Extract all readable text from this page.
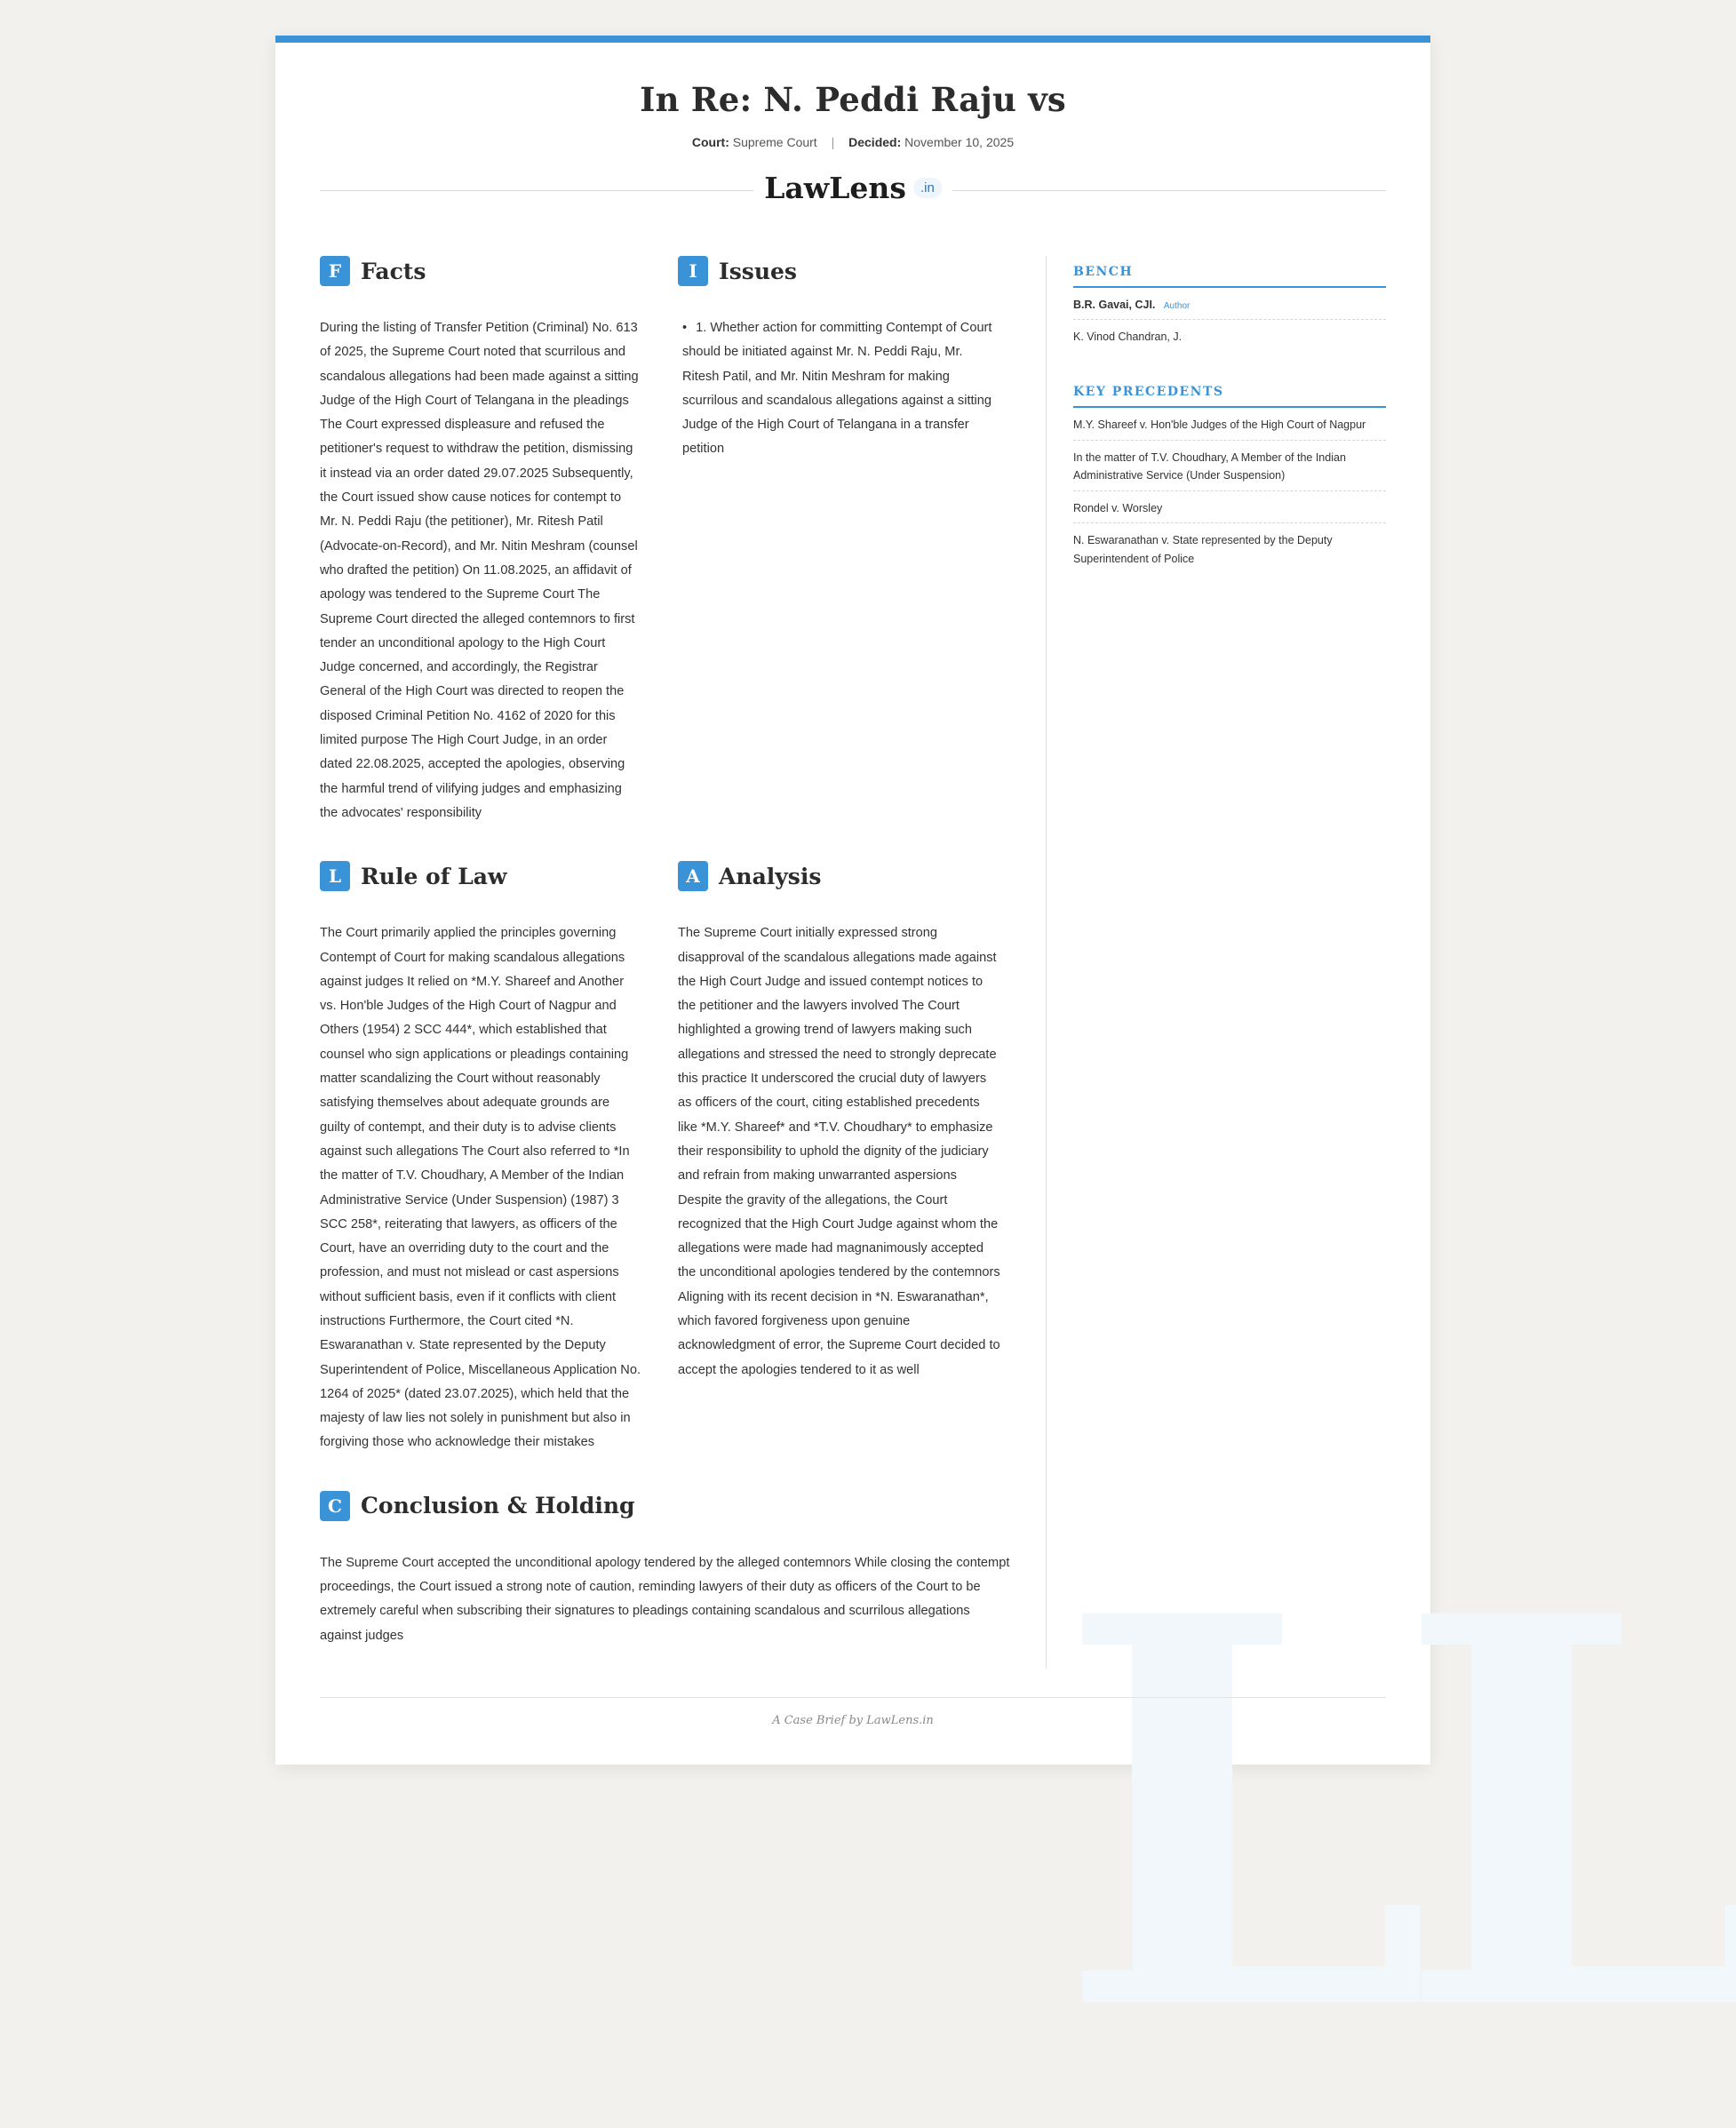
LL
In Re: N. Peddi Raju vs
Court: Supreme Court | Decided: November 10, 2025
LawLens	.in
F Facts

During the listing of Transfer Petition (Criminal) No. 613 of 2025, the Supreme Court noted that scurrilous and scandalous allegations had been made against a sitting Judge of the High Court of Telangana in the pleadings The Court expressed displeasure and refused the petitioner's request to withdraw the petition, dismissing it instead via an order dated 29.07.2025 Subsequently, the Court issued show cause notices for contempt to Mr. N. Peddi Raju (the petitioner), Mr. Ritesh Patil (Advocate-on-Record), and Mr. Nitin Meshram (counsel who drafted the petition) On 11.08.2025, an affidavit of apology was tendered to the Supreme Court The Supreme Court directed the alleged contemnors to first tender an unconditional apology to the High Court Judge concerned, and accordingly, the Registrar General of the High Court was directed to reopen the disposed Criminal Petition No. 4162 of 2020 for this limited purpose The High Court Judge, in an order dated 22.08.2025, accepted the apologies, observing the harmful trend of vilifying judges and emphasizing the advocates' responsibility

I Issues
• 1. Whether action for committing Contempt of Court should be initiated against Mr. N. Peddi Raju, Mr. Ritesh Patil, and Mr. Nitin Meshram for making scurrilous and scandalous allegations against a sitting Judge of the High Court of Telangana in a transfer petition
L Rule of Law

The Court primarily applied the principles governing Contempt of Court for making scandalous allegations against judges It relied on *M.Y. Shareef and Another vs. Hon'ble Judges of the High Court of Nagpur and Others (1954) 2 SCC 444*, which established that counsel who sign applications or pleadings containing matter scandalizing the Court without reasonably satisfying themselves about adequate grounds are guilty of contempt, and their duty is to advise clients against such allegations The Court also referred to *In the matter of T.V. Choudhary, A Member of the Indian Administrative Service (Under Suspension) (1987) 3 SCC 258*, reiterating that lawyers, as officers of the Court, have an overriding duty to the court and the profession, and must not mislead or cast aspersions without sufficient basis, even if it conflicts with client instructions Furthermore, the Court cited *N. Eswaranathan v. State represented by the Deputy Superintendent of Police, Miscellaneous Application No. 1264 of 2025* (dated 23.07.2025), which held that the majesty of law lies not solely in punishment but also in forgiving those who acknowledge their mistakes

A Analysis

The Supreme Court initially expressed strong disapproval of the scandalous allegations made against the High Court Judge and issued contempt notices to the petitioner and the lawyers involved The Court highlighted a growing trend of lawyers making such allegations and stressed the need to strongly deprecate this practice It underscored the crucial duty of lawyers as officers of the court, citing established precedents like *M.Y. Shareef* and *T.V. Choudhary* to emphasize their responsibility to uphold the dignity of the judiciary and refrain from making unwarranted aspersions Despite the gravity of the allegations, the Court recognized that the High Court Judge against whom the allegations were made had magnanimously accepted the unconditional apologies tendered by the contemnors Aligning with its recent decision in *N. Eswaranathan*, which favored forgiveness upon genuine acknowledgment of error, the Supreme Court decided to accept the apologies tendered to it as well

C Conclusion & Holding

The Supreme Court accepted the unconditional apology tendered by the alleged contemnors While closing the contempt proceedings, the Court issued a strong note of caution, reminding lawyers of their duty as officers of the Court to be extremely careful when subscribing their signatures to pleadings containing scandalous and scurrilous allegations against judges

BENCH
B.R. Gavai, CJI. Author
K. Vinod Chandran, J.
KEY PRECEDENTS
M.Y. Shareef v. Hon'ble Judges of the High Court of Nagpur
In the matter of T.V. Choudhary, A Member of the Indian Administrative Service (Under Suspension)
Rondel v. Worsley
N. Eswaranathan v. State represented by the Deputy Superintendent of Police
A Case Brief by LawLens.in
